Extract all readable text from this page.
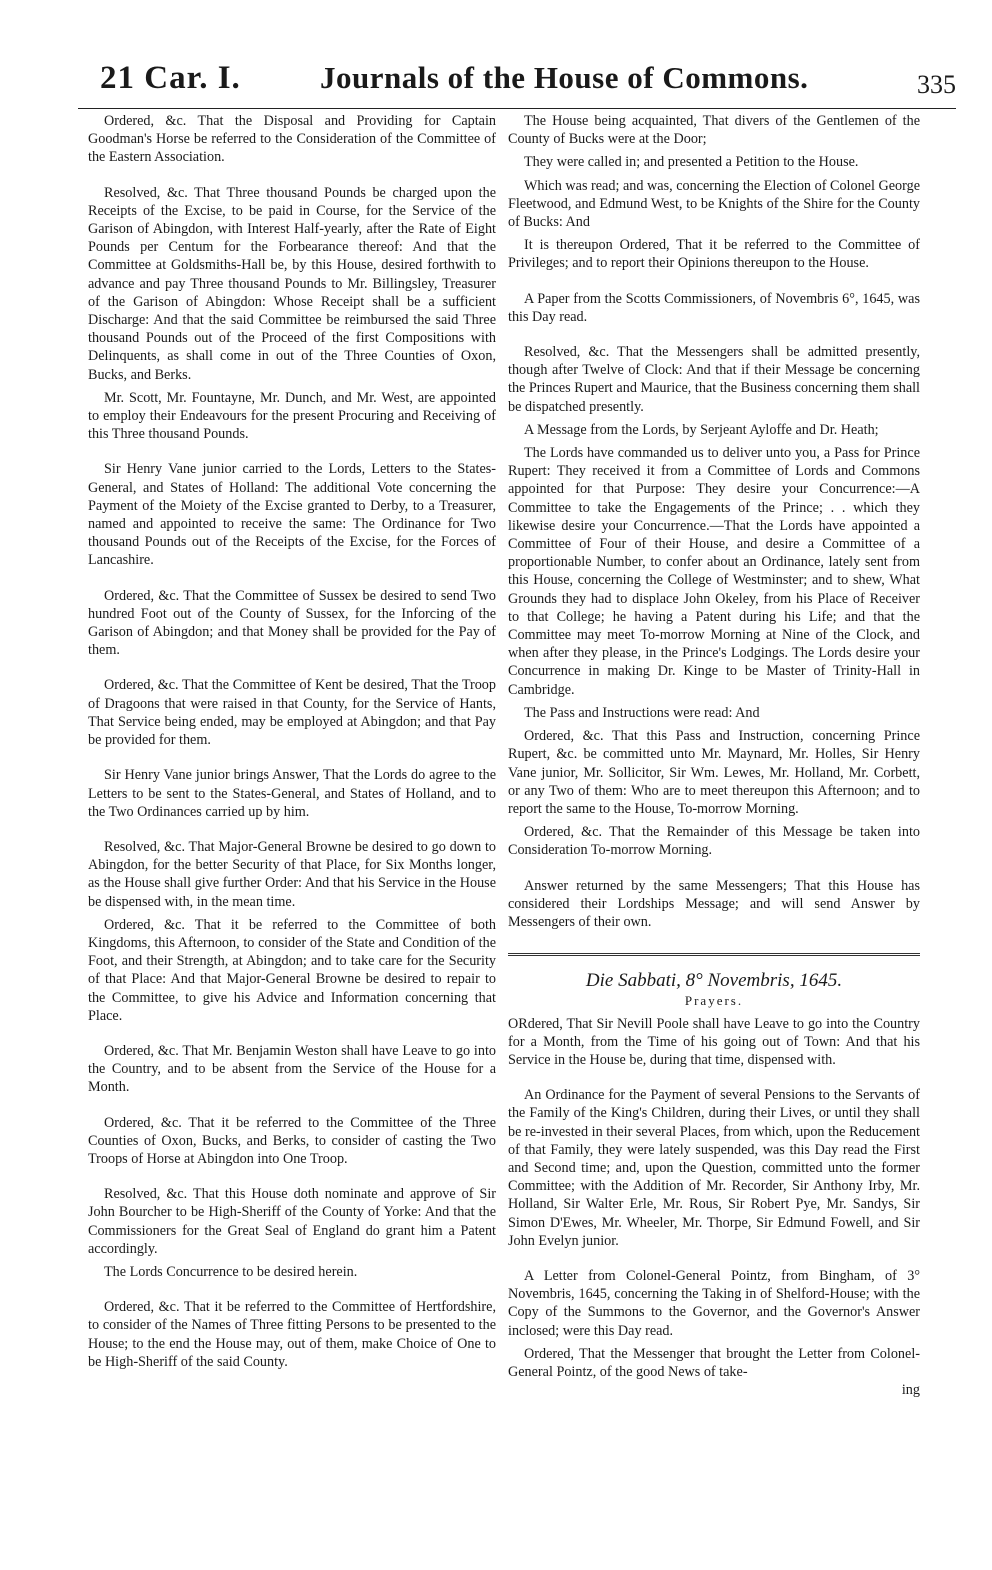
21 Car. I.	Journals of the House of Commons.	335

Ordered, &c. That the Disposal and Providing for Captain Goodman's Horse be referred to the Consideration of the Committee of the Eastern Association.

Resolved, &c. That Three thousand Pounds be charged upon the Receipts of the Excise, to be paid in Course, for the Service of the Garison of Abingdon, with Interest Half-yearly, after the Rate of Eight Pounds per Centum for the Forbearance thereof: And that the Committee at Goldsmiths-Hall be, by this House, desired forthwith to advance and pay Three thousand Pounds to Mr. Billingsley, Treasurer of the Garison of Abingdon: Whose Receipt shall be a sufficient Discharge: And that the said Committee be reimbursed the said Three thousand Pounds out of the Proceed of the first Compositions with Delinquents, as shall come in out of the Three Counties of Oxon, Bucks, and Berks.

Mr. Scott, Mr. Fountayne, Mr. Dunch, and Mr. West, are appointed to employ their Endeavours for the present Procuring and Receiving of this Three thousand Pounds.

Sir Henry Vane junior carried to the Lords, Letters to the States-General, and States of Holland: The additional Vote concerning the Payment of the Moiety of the Excise granted to Derby, to a Treasurer, named and appointed to receive the same: The Ordinance for Two thousand Pounds out of the Receipts of the Excise, for the Forces of Lancashire.

Ordered, &c. That the Committee of Sussex be desired to send Two hundred Foot out of the County of Sussex, for the Inforcing of the Garison of Abingdon; and that Money shall be provided for the Pay of them.

Ordered, &c. That the Committee of Kent be desired, That the Troop of Dragoons that were raised in that County, for the Service of Hants, That Service being ended, may be employed at Abingdon; and that Pay be provided for them.

Sir Henry Vane junior brings Answer, That the Lords do agree to the Letters to be sent to the States-General, and States of Holland, and to the Two Ordinances carried up by him.

Resolved, &c. That Major-General Browne be desired to go down to Abingdon, for the better Security of that Place, for Six Months longer, as the House shall give further Order: And that his Service in the House be dispensed with, in the mean time.

Ordered, &c. That it be referred to the Committee of both Kingdoms, this Afternoon, to consider of the State and Condition of the Foot, and their Strength, at Abingdon; and to take care for the Security of that Place: And that Major-General Browne be desired to repair to the Committee, to give his Advice and Information concerning that Place.

Ordered, &c. That Mr. Benjamin Weston shall have Leave to go into the Country, and to be absent from the Service of the House for a Month.

Ordered, &c. That it be referred to the Committee of the Three Counties of Oxon, Bucks, and Berks, to consider of casting the Two Troops of Horse at Abingdon into One Troop.

Resolved, &c. That this House doth nominate and approve of Sir John Bourcher to be High-Sheriff of the County of Yorke: And that the Commissioners for the Great Seal of England do grant him a Patent accordingly.

The Lords Concurrence to be desired herein.

Ordered, &c. That it be referred to the Committee of Hertfordshire, to consider of the Names of Three fitting Persons to be presented to the House; to the end the House may, out of them, make Choice of One to be High-Sheriff of the said County.

The House being acquainted, That divers of the Gentlemen of the County of Bucks were at the Door;

They were called in; and presented a Petition to the House.

Which was read; and was, concerning the Election of Colonel George Fleetwood, and Edmund West, to be Knights of the Shire for the County of Bucks: And

It is thereupon Ordered, That it be referred to the Committee of Privileges; and to report their Opinions thereupon to the House.

A Paper from the Scotts Commissioners, of Novembris 6°, 1645, was this Day read.

Resolved, &c. That the Messengers shall be admitted presently, though after Twelve of Clock: And that if their Message be concerning the Princes Rupert and Maurice, that the Business concerning them shall be dispatched presently.

A Message from the Lords, by Serjeant Ayloffe and Dr. Heath;

The Lords have commanded us to deliver unto you, a Pass for Prince Rupert: They received it from a Committee of Lords and Commons appointed for that Purpose: They desire your Concurrence:—A Committee to take the Engagements of the Prince; . . which they likewise desire your Concurrence.—That the Lords have appointed a Committee of Four of their House, and desire a Committee of a proportionable Number, to confer about an Ordinance, lately sent from this House, concerning the College of Westminster; and to shew, What Grounds they had to displace John Okeley, from his Place of Receiver to that College; he having a Patent during his Life; and that the Committee may meet To-morrow Morning at Nine of the Clock, and when after they please, in the Prince's Lodgings. The Lords desire your Concurrence in making Dr. Kinge to be Master of Trinity-Hall in Cambridge.

The Pass and Instructions were read: And

Ordered, &c. That this Pass and Instruction, concerning Prince Rupert, &c. be committed unto Mr. Maynard, Mr. Holles, Sir Henry Vane junior, Mr. Sollicitor, Sir Wm. Lewes, Mr. Holland, Mr. Corbett, or any Two of them: Who are to meet thereupon this Afternoon; and to report the same to the House, To-morrow Morning.

Ordered, &c. That the Remainder of this Message be taken into Consideration To-morrow Morning.

Answer returned by the same Messengers; That this House has considered their Lordships Message; and will send Answer by Messengers of their own.

Die Sabbati, 8° Novembris, 1645.

Prayers.

ORdered, That Sir Nevill Poole shall have Leave to go into the Country for a Month, from the Time of his going out of Town: And that his Service in the House be, during that time, dispensed with.

An Ordinance for the Payment of several Pensions to the Servants of the Family of the King's Children, during their Lives, or until they shall be re-invested in their several Places, from which, upon the Reducement of that Family, they were lately suspended, was this Day read the First and Second time; and, upon the Question, committed unto the former Committee; with the Addition of Mr. Recorder, Sir Anthony Irby, Mr. Holland, Sir Walter Erle, Mr. Rous, Sir Robert Pye, Mr. Sandys, Sir Simon D'Ewes, Mr. Wheeler, Mr. Thorpe, Sir Edmund Fowell, and Sir John Evelyn junior.

A Letter from Colonel-General Pointz, from Bingham, of 3° Novembris, 1645, concerning the Taking in of Shelford-House; with the Copy of the Summons to the Governor, and the Governor's Answer inclosed; were this Day read.

Ordered, That the Messenger that brought the Letter from Colonel-General Pointz, of the good News of take-

ing
